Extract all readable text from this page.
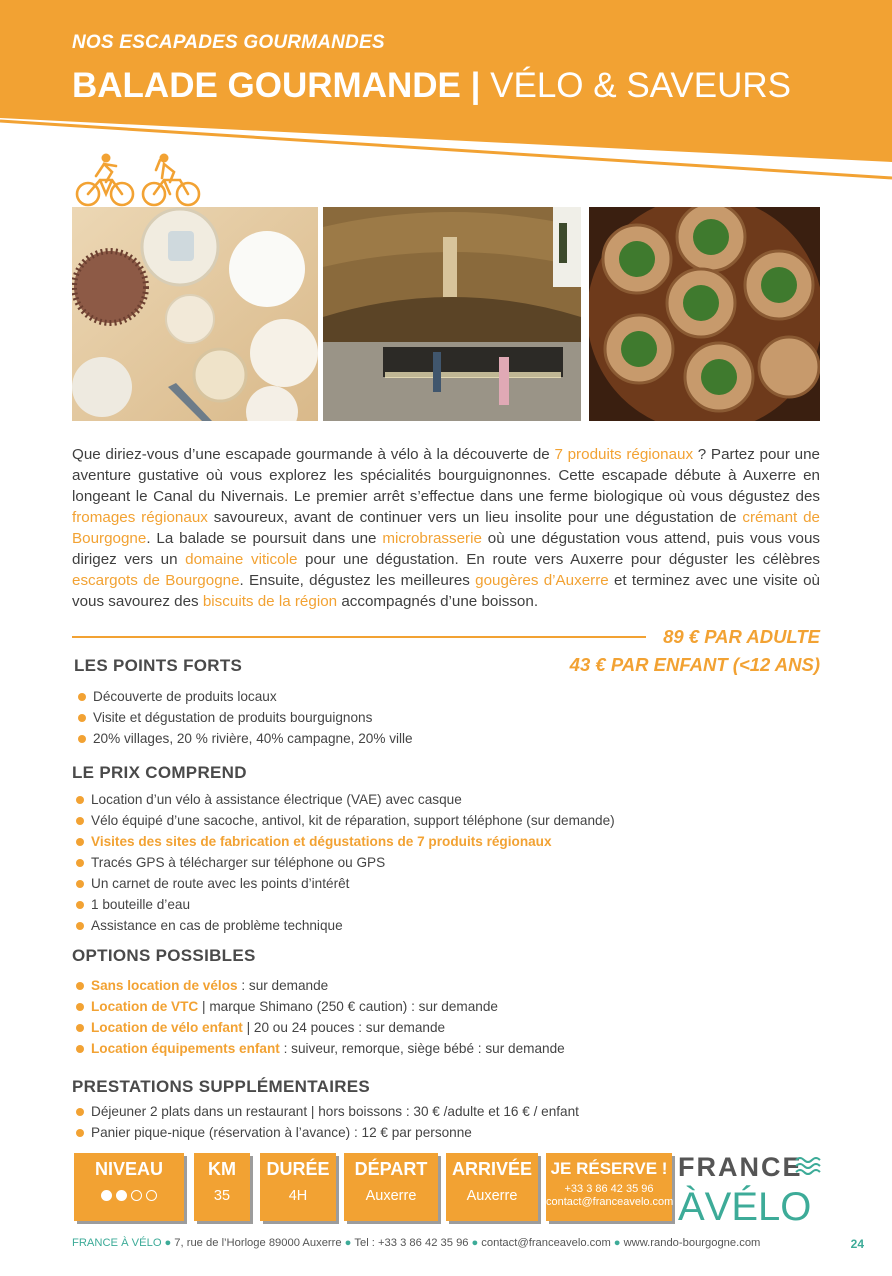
NOS ESCAPADES GOURMANDES
BALADE GOURMANDE | VÉLO & SAVEURS
Que diriez-vous d’une escapade gourmande à vélo à la découverte de 7 produits régionaux ? Partez pour une aventure gustative où vous explorez les spécialités bourguignonnes. Cette escapade débute à Auxerre en longeant le Canal du Nivernais. Le premier arrêt s’effectue dans une ferme biologique où vous dégustez des fromages régionaux savoureux, avant de continuer vers un lieu insolite pour une dégustation de crémant de Bourgogne. La balade se poursuit dans une microbrasserie où une dégustation vous attend, puis vous vous dirigez vers un domaine viticole pour une dégustation. En route vers Auxerre pour déguster les célèbres escargots de Bourgogne. Ensuite, dégustez les meilleures gougères d’Auxerre et terminez avec une visite où vous savourez des biscuits de la région accompagnés d’une boisson.
89 € PAR ADULTE
43 € PAR ENFANT (<12 ANS)
LES POINTS FORTS
Découverte de produits locaux
Visite et dégustation de produits bourguignons
20% villages, 20 % rivière, 40% campagne, 20% ville
LE PRIX COMPREND
Location d’un vélo à assistance électrique (VAE) avec casque
Vélo équipé d’une sacoche, antivol, kit de réparation, support téléphone (sur demande)
Visites des sites de fabrication et dégustations de 7 produits régionaux
Tracés GPS à télécharger sur téléphone ou GPS
Un carnet de route avec les points d’intérêt
1 bouteille d’eau
Assistance en cas de problème technique
OPTIONS POSSIBLES
Sans location de vélos : sur demande
Location de VTC | marque Shimano (250 € caution) : sur demande
Location de vélo enfant | 20 ou 24 pouces : sur demande
Location équipements enfant : suiveur, remorque, siège bébé : sur demande
PRESTATIONS SUPPLÉMENTAIRES
Déjeuner 2 plats dans un restaurant | hors boissons : 30 € /adulte et 16 € / enfant
Panier pique-nique (réservation à l’avance) : 12 € par personne
NIVEAU	KM
35
DURÉE
4H
DÉPART
Auxerre
ARRIVÉE
Auxerre
JE RÉSERVE !
+33 3 86 42 35 96
contact@franceavelo.com
FRANCE
ÀVÉLO
FRANCE À VÉLO ● 7, rue de l’Horloge 89000 Auxerre ● Tel : +33 3 86 42 35 96 ● contact@franceavelo.com ● www.rando-bourgogne.com	24
